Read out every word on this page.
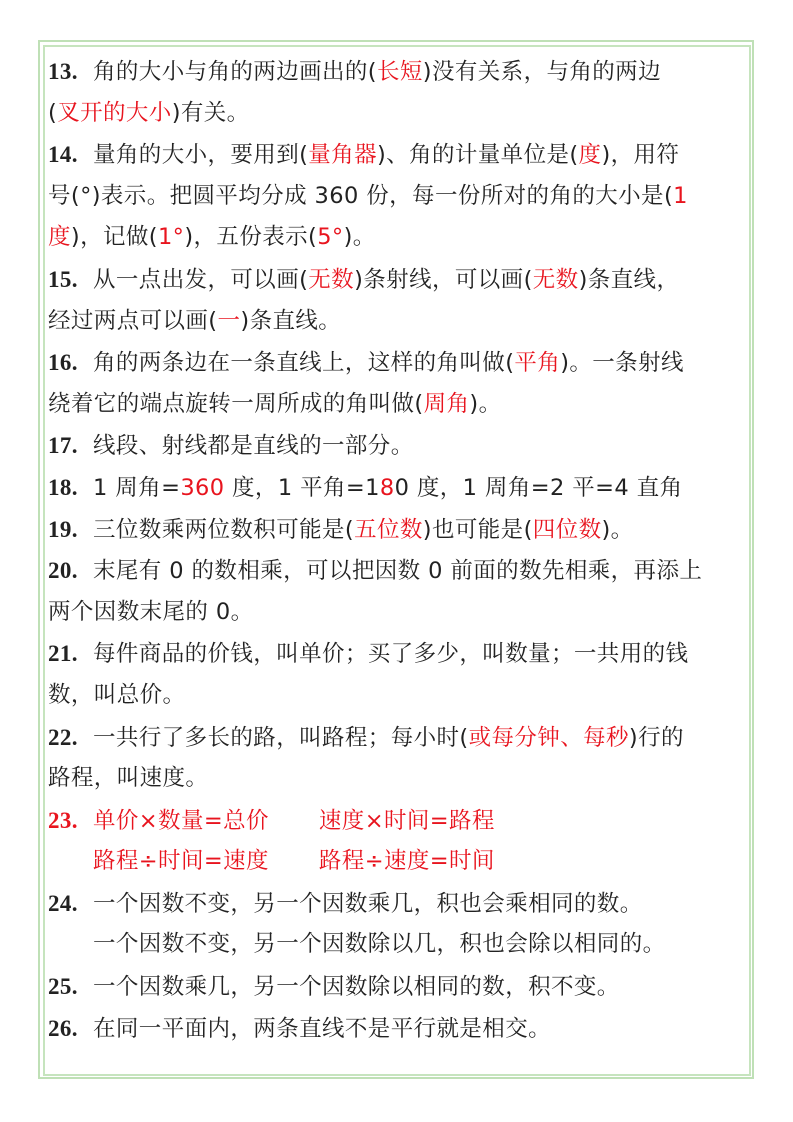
13. 角的大小与角的两边画出的(长短)没有关系，与角的两边
(叉开的大小)有关。
14. 量角的大小，要用到(量角器)、角的计量单位是(度)，用符
号(°)表示。把圆平均分成 360 份，每一份所对的角的大小是(1
度)，记做(1°)，五份表示(5°)。
15. 从一点出发，可以画(无数)条射线，可以画(无数)条直线，
经过两点可以画(一)条直线。
16. 角的两条边在一条直线上，这样的角叫做(平角)。一条射线
绕着它的端点旋转一周所成的角叫做(周角)。
17. 线段、射线都是直线的一部分。
18. 1 周角=360 度，1 平角=180 度，1 周角=2 平=4 直角
19. 三位数乘两位数积可能是(五位数)也可能是(四位数)。
20. 末尾有 0 的数相乘，可以把因数 0 前面的数先相乘，再添上
两个因数末尾的 0。
21. 每件商品的价钱，叫单价；买了多少，叫数量；一共用的钱
数，叫总价。
22. 一共行了多长的路，叫路程；每小时(或每分钟、每秒)行的
路程，叫速度。
23. 单价×数量=总价 速度×时间=路程
路程÷时间=速度 路程÷速度=时间
24. 一个因数不变，另一个因数乘几，积也会乘相同的数。
一个因数不变，另一个因数除以几，积也会除以相同的。
25. 一个因数乘几，另一个因数除以相同的数，积不变。
26. 在同一平面内，两条直线不是平行就是相交。
